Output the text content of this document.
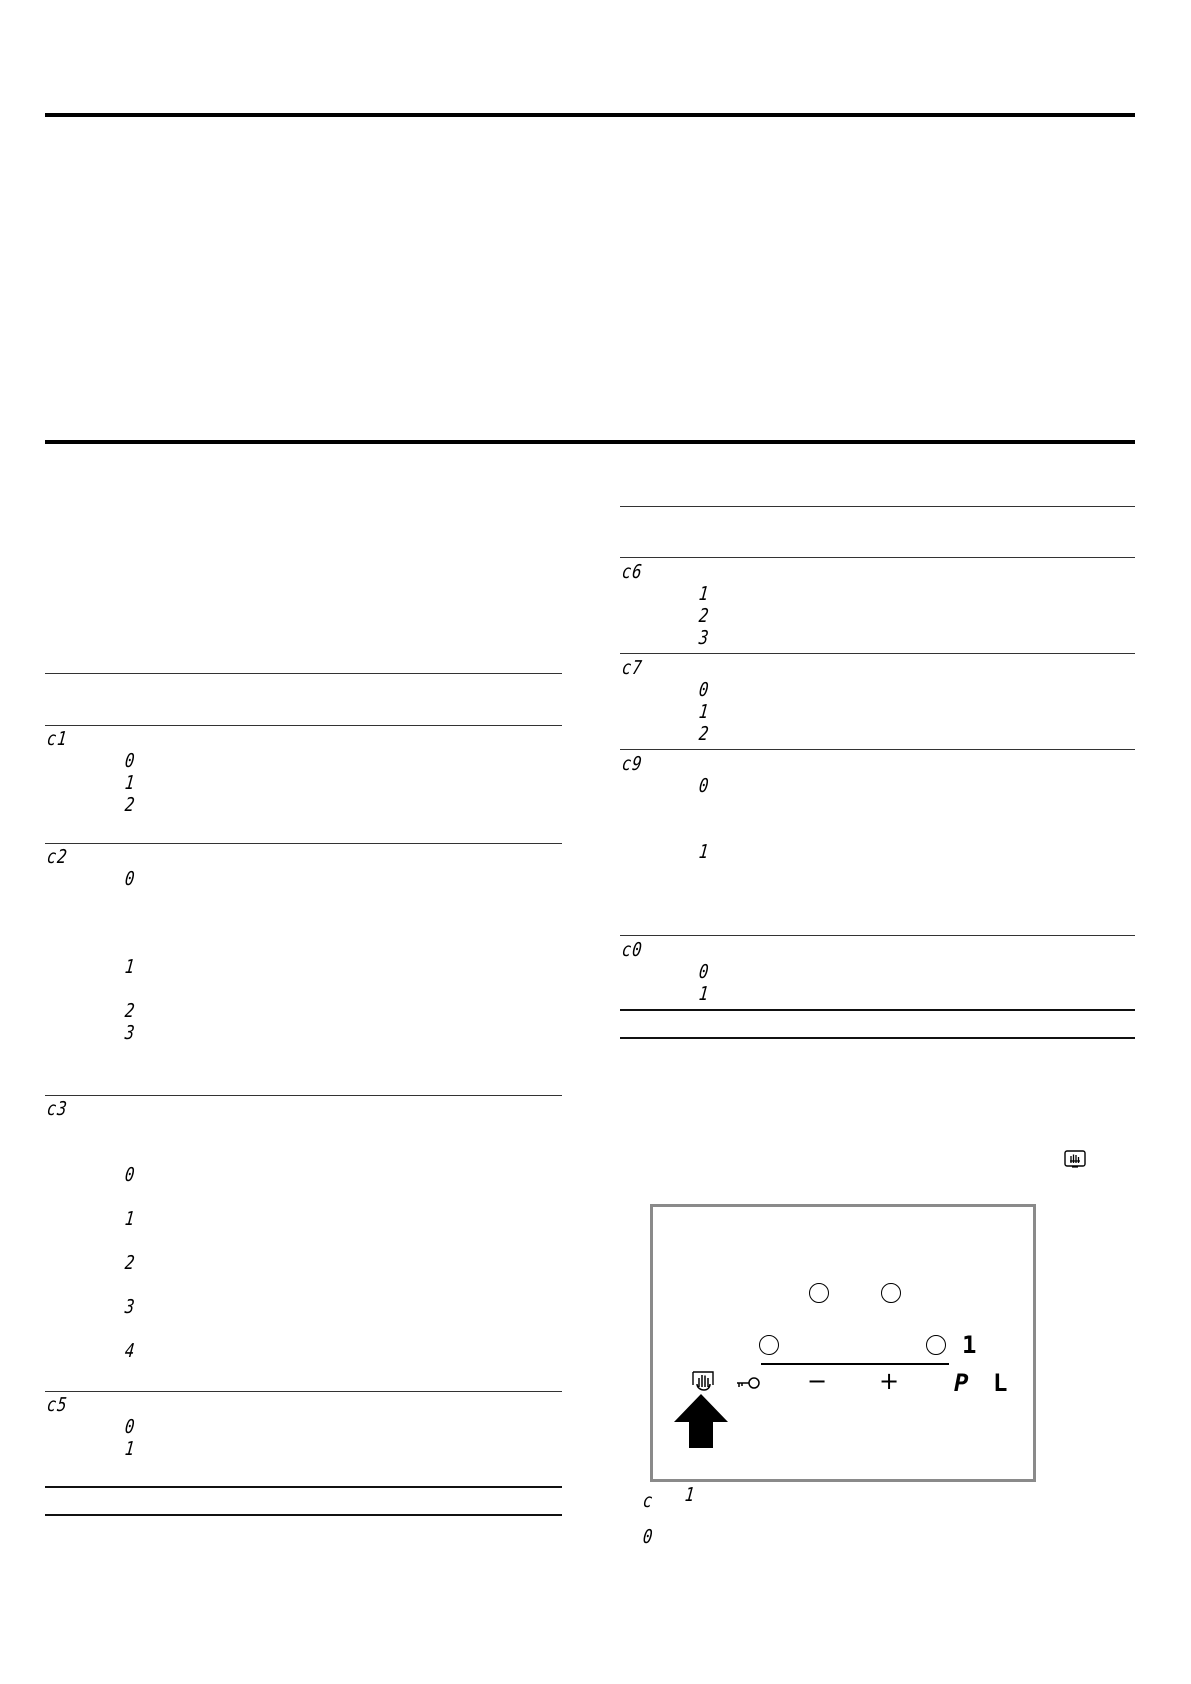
c1
0
1
2
c2
0
1
2
3
c3
0
1
2
3
4
c5
0
1
c6
1
2
3
c7
0
1
2
c9
0
1
c0
0
1
1
− + P L
c 1
0
